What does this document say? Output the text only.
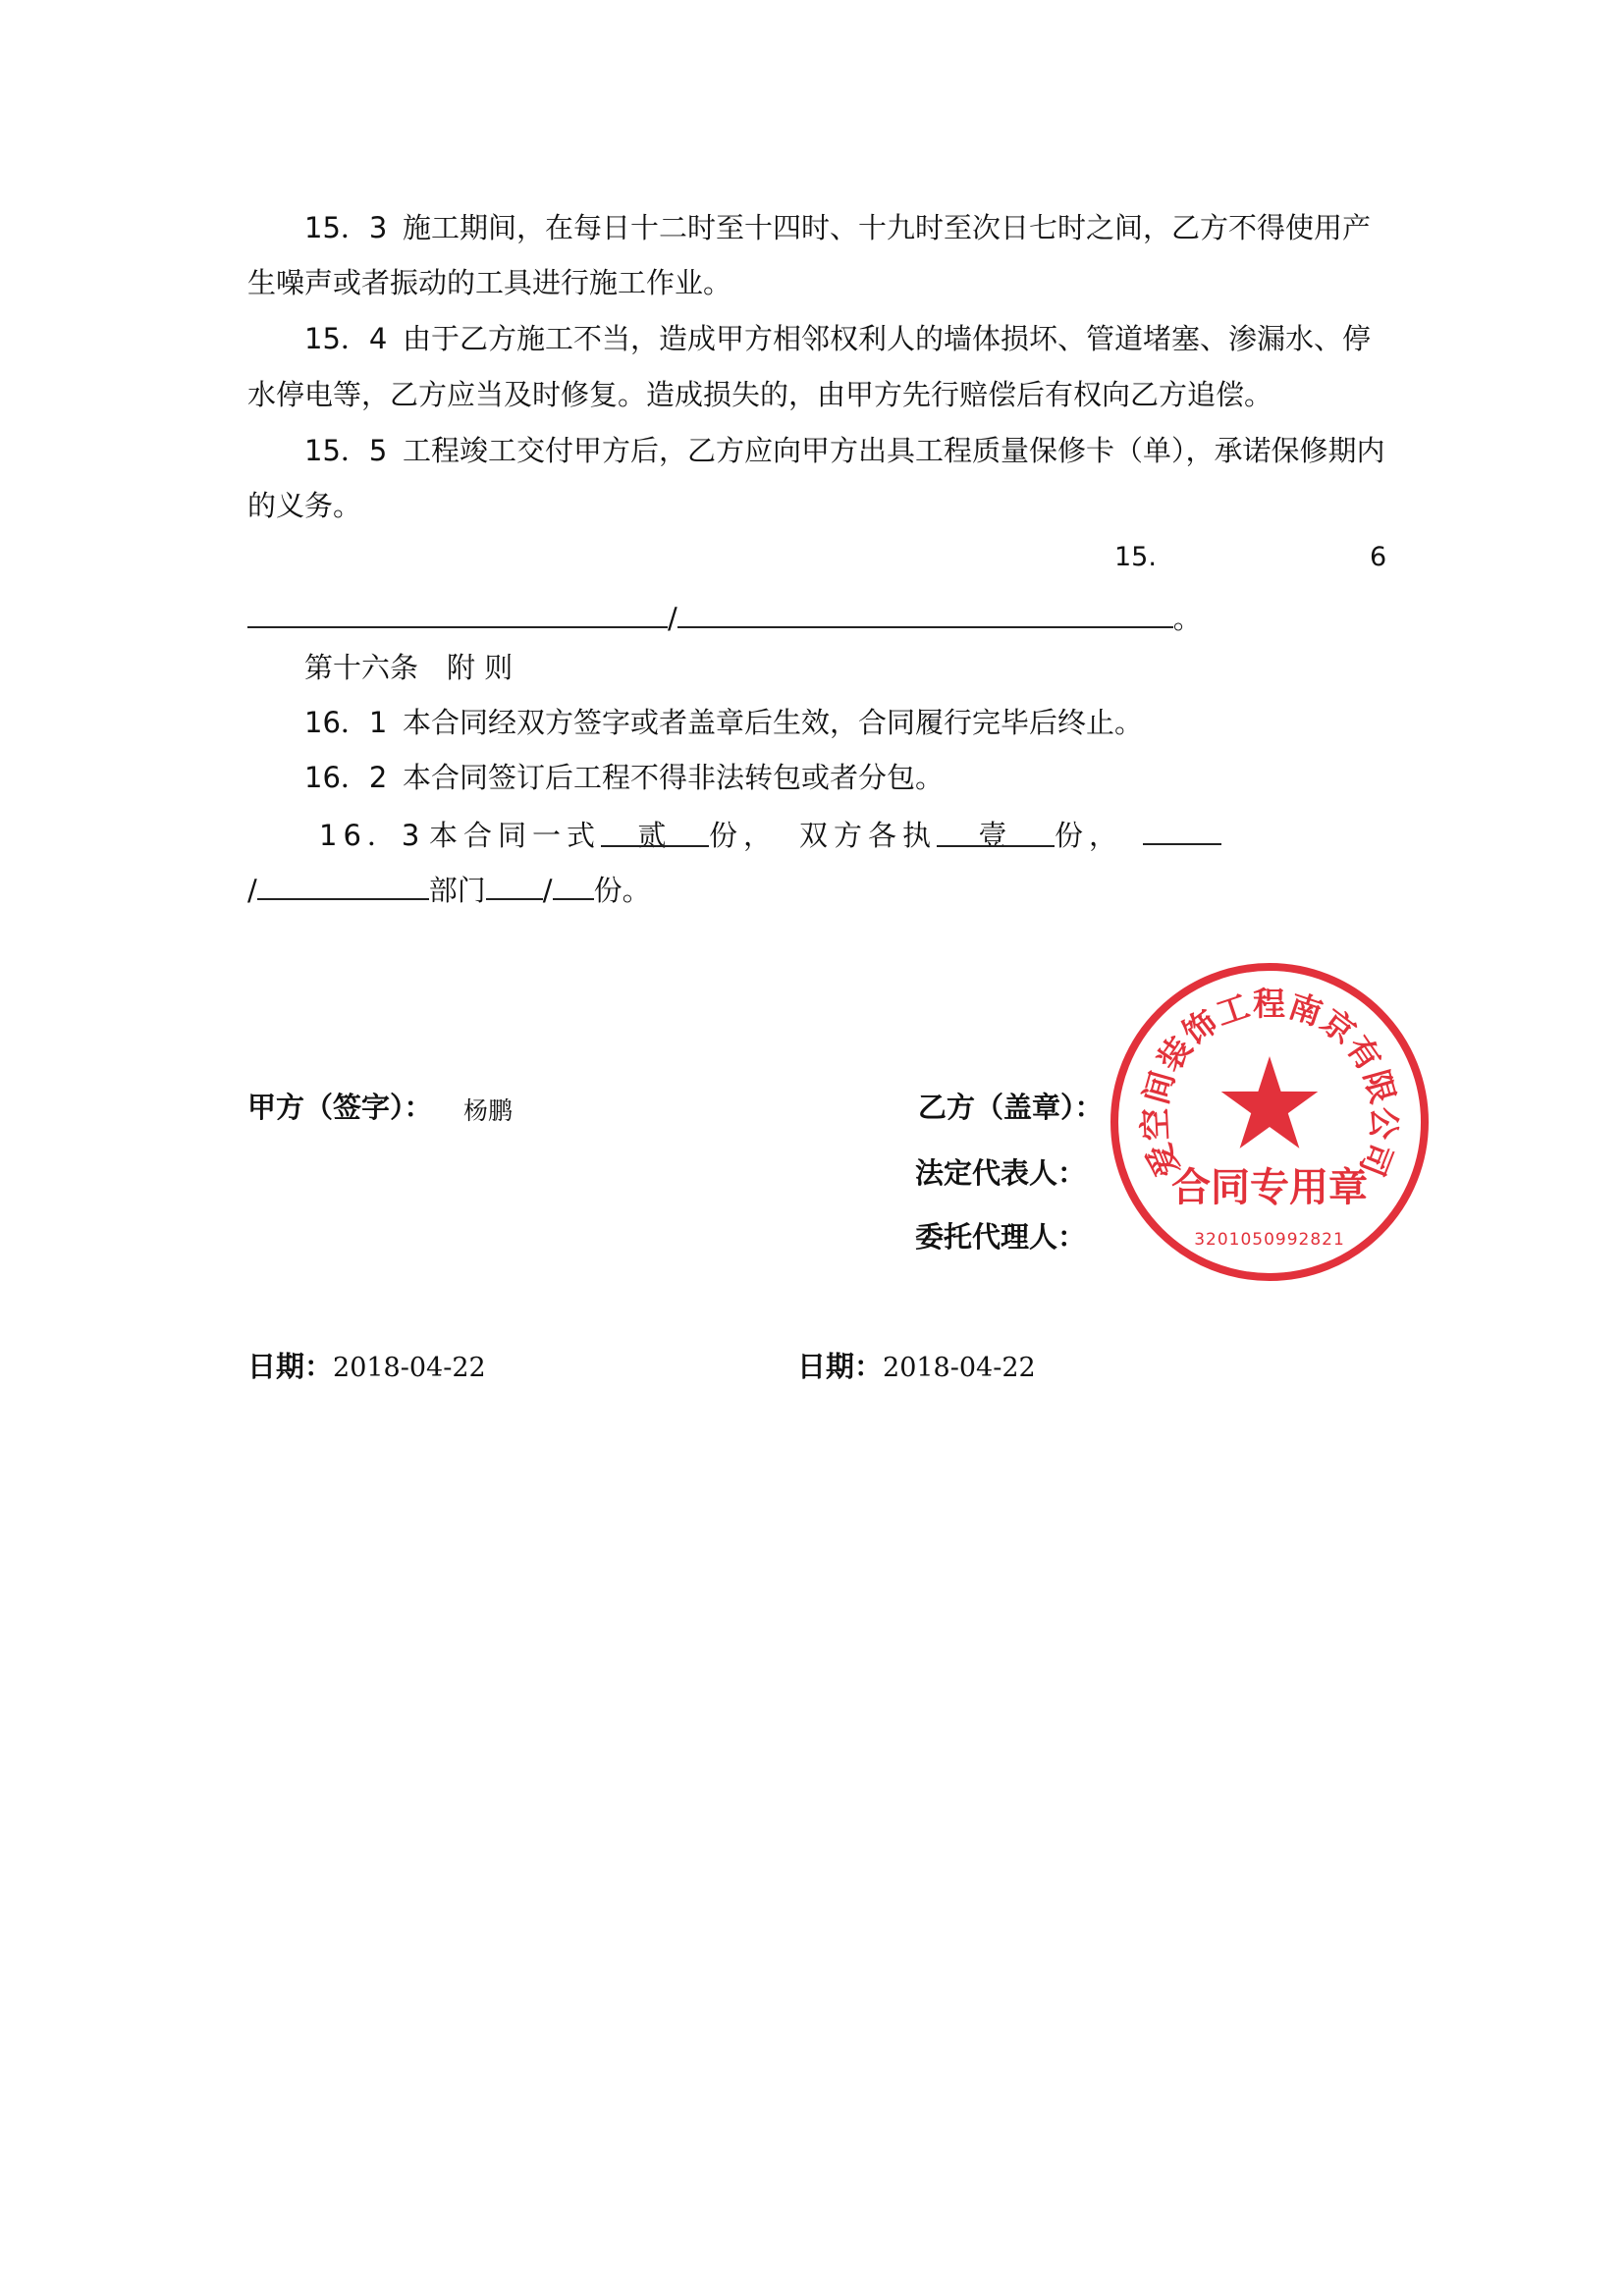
15．3 施工期间，在每日十二时至十四时、十九时至次日七时之间，乙方不得使用产
生噪声或者振动的工具进行施工作业。
15．4 由于乙方施工不当，造成甲方相邻权利人的墙体损坏、管道堵塞、渗漏水、停
水停电等，乙方应当及时修复。造成损失的，由甲方先行赔偿后有权向乙方追偿。
15．5 工程竣工交付甲方后，乙方应向甲方出具工程质量保修卡（单），承诺保修期内
的义务。
15.	6
/	。
第十六条　附 则
16．1 本合同经双方签字或者盖章后生效，合同履行完毕后终止。
16．2 本合同签订后工程不得非法转包或者分包。
16．3 本合同一式 贰 份， 双方各执 壹 份，
/	部门 / 份。
甲方（签字）： 杨鹏	乙方（盖章）：
法定代表人：
委托代理人：
日期：2018-04-22	日期：2018-04-22
爱空间装饰工程南京有限公司
合同专用章
3201050992821
